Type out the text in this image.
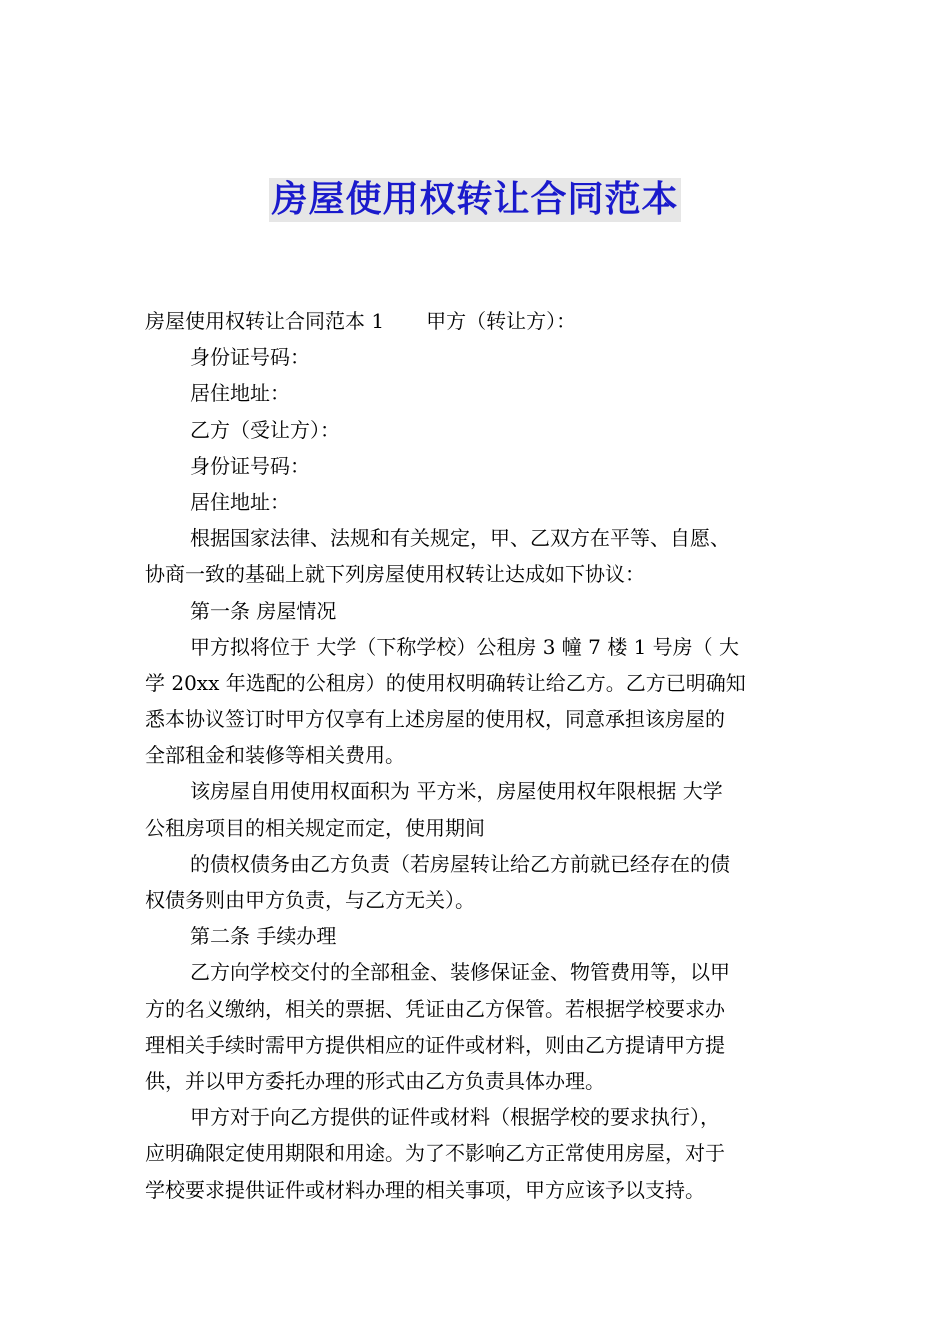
房屋使用权转让合同范本
房屋使用权转让合同范本 1 甲方（转让方）：
身份证号码：
居住地址：
乙方（受让方）：
身份证号码：
居住地址：
根据国家法律、法规和有关规定，甲、乙双方在平等、自愿、
协商一致的基础上就下列房屋使用权转让达成如下协议：
第一条 房屋情况
甲方拟将位于 大学（下称学校）公租房 3 幢 7 楼 1 号房（ 大
学 20xx 年选配的公租房）的使用权明确转让给乙方。乙方已明确知
悉本协议签订时甲方仅享有上述房屋的使用权，同意承担该房屋的
全部租金和装修等相关费用。
该房屋自用使用权面积为 平方米，房屋使用权年限根据 大学
公租房项目的相关规定而定，使用期间
的债权债务由乙方负责（若房屋转让给乙方前就已经存在的债
权债务则由甲方负责，与乙方无关）。
第二条 手续办理
乙方向学校交付的全部租金、装修保证金、物管费用等，以甲
方的名义缴纳，相关的票据、凭证由乙方保管。若根据学校要求办
理相关手续时需甲方提供相应的证件或材料，则由乙方提请甲方提
供，并以甲方委托办理的形式由乙方负责具体办理。
甲方对于向乙方提供的证件或材料（根据学校的要求执行），
应明确限定使用期限和用途。为了不影响乙方正常使用房屋，对于
学校要求提供证件或材料办理的相关事项，甲方应该予以支持。
